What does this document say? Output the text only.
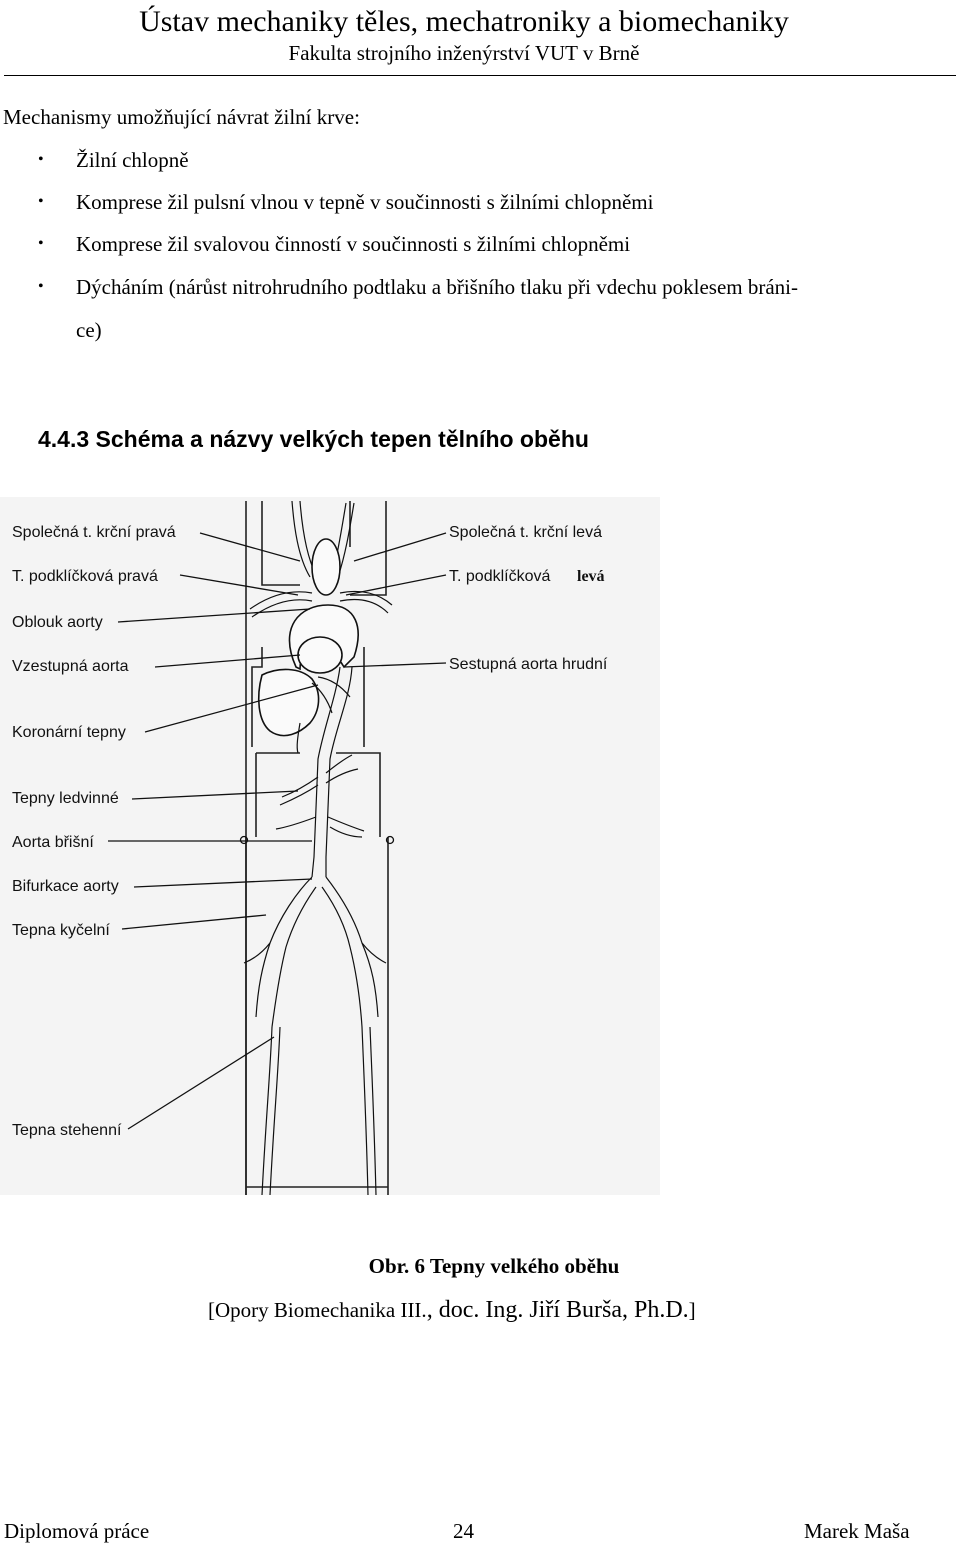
Ústav mechaniky těles, mechatroniky a biomechaniky
Fakulta strojního inženýrství VUT v Brně
Mechanismy umožňující návrat žilní krve:
• Žilní chlopně
• Komprese žil pulsní vlnou v tepně v součinnosti s žilními chlopněmi
• Komprese žil svalovou činností v součinnosti s žilními chlopněmi
• Dýcháním (nárůst nitrohrudního podtlaku a břišního tlaku při vdechu poklesem bráni-
ce)
4.4.3 Schéma a názvy velkých tepen tělního oběhu
Společná t. krční pravá
T. podklíčková pravá
Oblouk aorty
Vzestupná aorta
Koronární tepny
Tepny ledvinné
Aorta břišní
Bifurkace aorty
Tepna kyčelní
Tepna stehenní
Společná t. krční levá
T. podklíčková levá
Sestupná aorta hrudní
Obr. 6 Tepny velkého oběhu
[Opory Biomechanika III., doc. Ing. Jiří Burša, Ph.D.]
Diplomová práce	24	Marek Maša
